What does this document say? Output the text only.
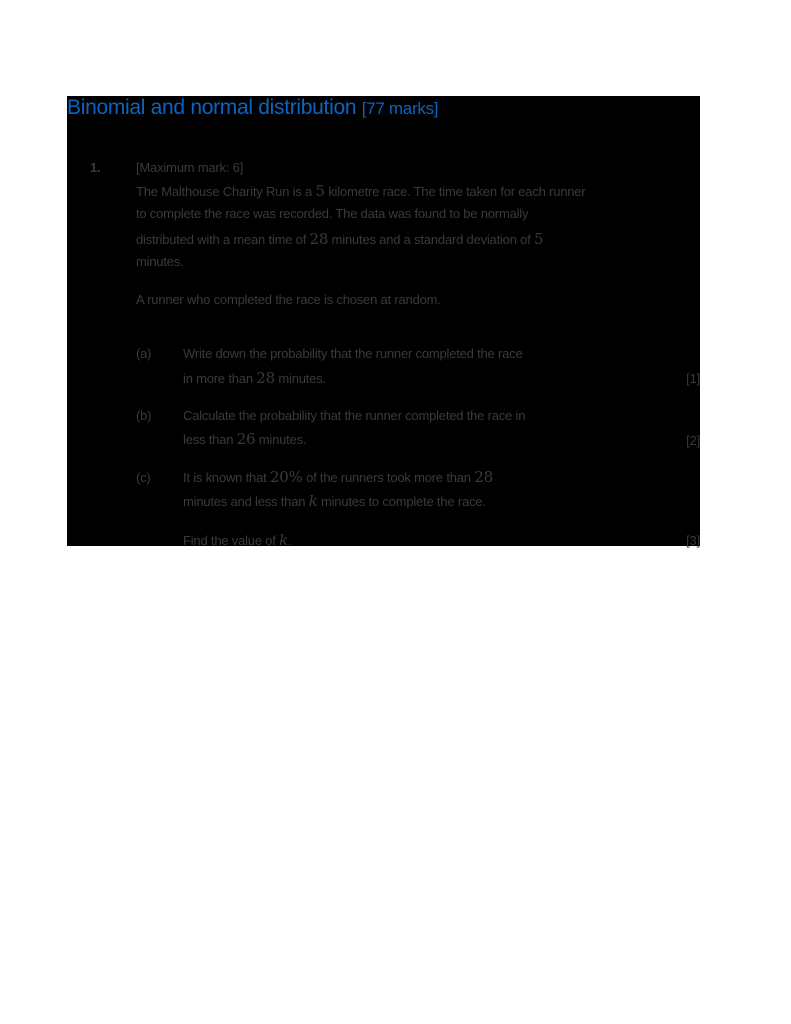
Binomial and normal distribution [77 marks]
1.	[Maximum mark: 6]
The Malthouse Charity Run is a 5 kilometre race. The time taken for each runner
to complete the race was recorded. The data was found to be normally
distributed with a mean time of 28 minutes and a standard deviation of 5
minutes.
A runner who completed the race is chosen at random.
(a) Write down the probability that the runner completed the race
in more than 28 minutes.	[1]
(b) Calculate the probability that the runner completed the race in
less than 26 minutes.	[2]
(c) It is known that 20% of the runners took more than 28
minutes and less than k minutes to complete the race.
Find the value of k.	[3]
